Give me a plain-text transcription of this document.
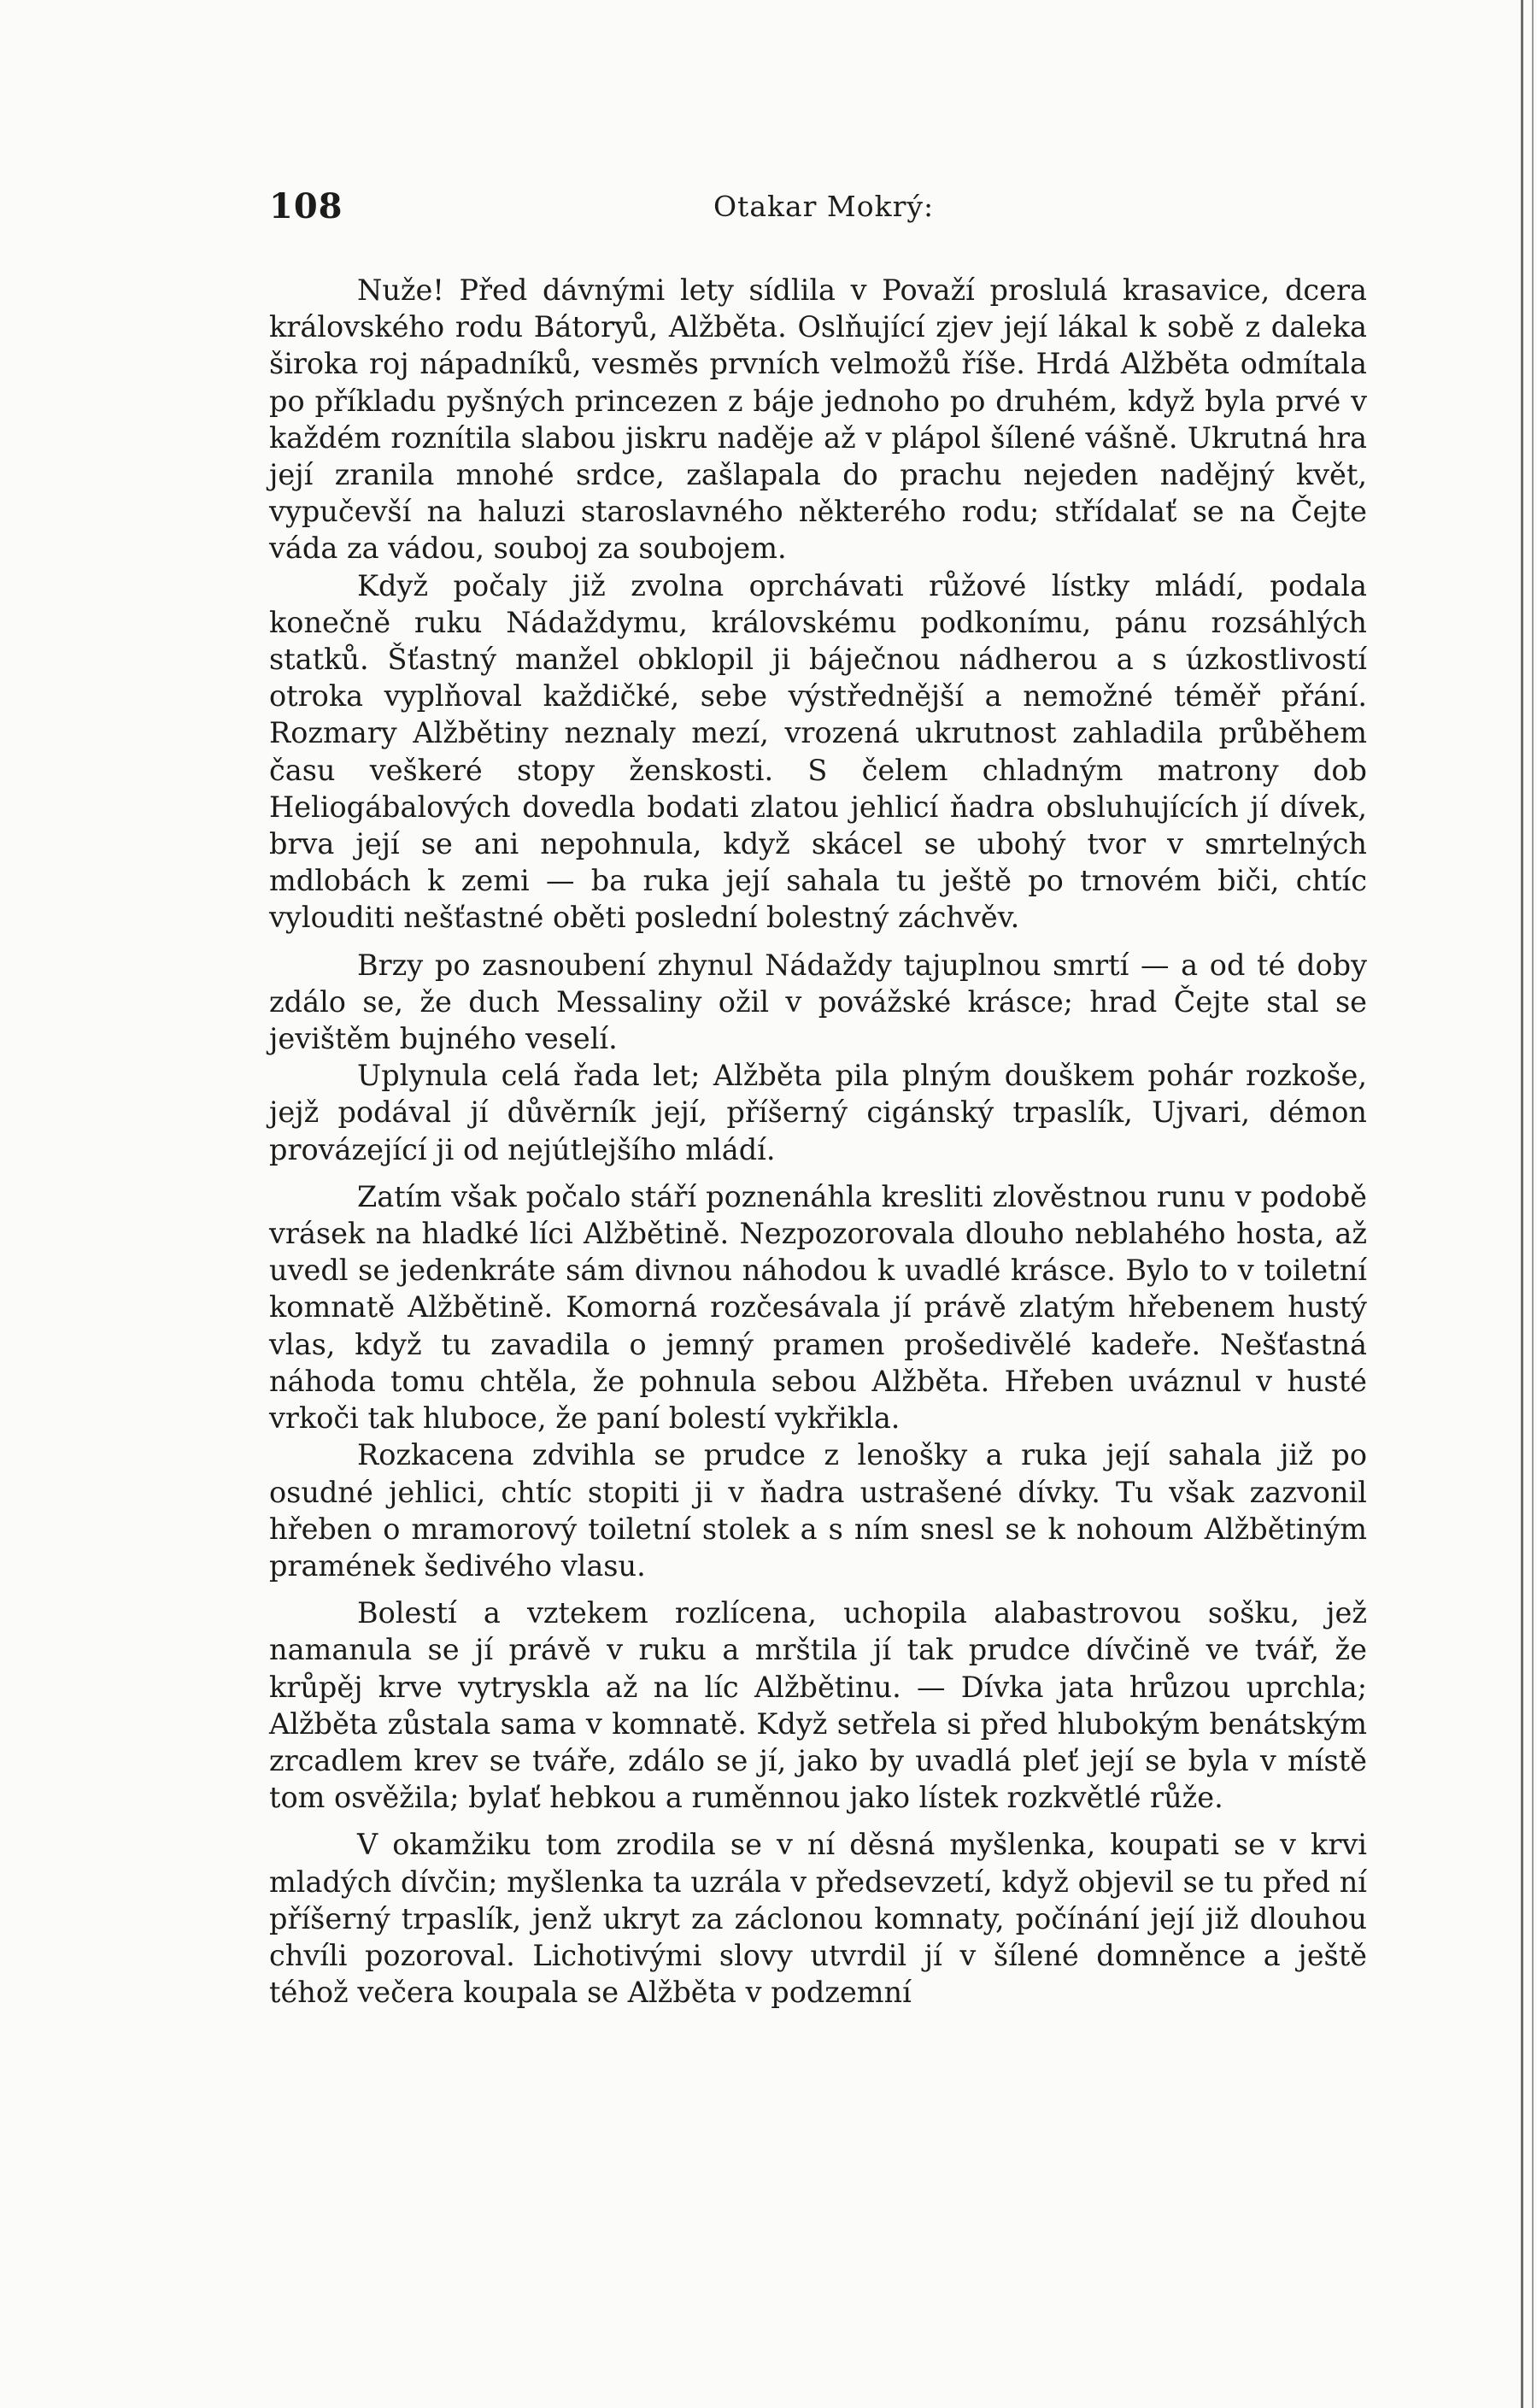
108	Otakar Mokrý:

Nuže! Před dávnými lety sídlila v Považí proslulá krasavice, dcera královského rodu Bátoryů, Alžběta. Oslňující zjev její lákal k sobě z daleka široka roj nápadníků, vesměs prvních velmožů říše. Hrdá Alžběta odmítala po příkladu pyšných princezen z báje jednoho po druhém, když byla prvé v každém roznítila slabou jiskru naděje až v plápol šílené vášně. Ukrutná hra její zranila mnohé srdce, zašlapala do prachu nejeden nadějný květ, vypučevší na haluzi staroslavného některého rodu; střídalať se na Čejte váda za vádou, souboj za soubojem.

Když počaly již zvolna oprchávati růžové lístky mládí, podala konečně ruku Nádaždymu, královskému podkonímu, pánu rozsáhlých statků. Šťastný manžel obklopil ji báječnou nádherou a s úzkostlivostí otroka vyplňoval každičké, sebe výstřednější a nemožné téměř přání. Rozmary Alžbětiny neznaly mezí, vrozená ukrutnost zahladila průběhem času veškeré stopy ženskosti. S čelem chladným matrony dob Heliogábalových dovedla bodati zlatou jehlicí ňadra obsluhujících jí dívek, brva její se ani nepohnula, když skácel se ubohý tvor v smrtelných mdlobách k zemi — ba ruka její sahala tu ještě po trnovém biči, chtíc vylouditi nešťastné oběti poslední bolestný záchvěv.

Brzy po zasnoubení zhynul Nádaždy tajuplnou smrtí — a od té doby zdálo se, že duch Messaliny ožil v povážské krásce; hrad Čejte stal se jevištěm bujného veselí.

Uplynula celá řada let; Alžběta pila plným douškem pohár rozkoše, jejž podával jí důvěrník její, příšerný cigánský trpaslík, Ujvari, démon provázející ji od nejútlejšího mládí.

Zatím však počalo stáří poznenáhla kresliti zlověstnou runu v podobě vrásek na hladké líci Alžbětině. Nezpozorovala dlouho neblahého hosta, až uvedl se jedenkráte sám divnou náhodou k uvadlé krásce. Bylo to v toiletní komnatě Alžbětině. Komorná rozčesávala jí právě zlatým hřebenem hustý vlas, když tu zavadila o jemný pramen prošedivělé kadeře. Nešťastná náhoda tomu chtěla, že pohnula sebou Alžběta. Hřeben uváznul v husté vrkoči tak hluboce, že paní bolestí vykřikla.

Rozkacena zdvihla se prudce z lenošky a ruka její sahala již po osudné jehlici, chtíc stopiti ji v ňadra ustrašené dívky. Tu však zazvonil hřeben o mramorový toiletní stolek a s ním snesl se k nohoum Alžbětiným pramének šedivého vlasu.

Bolestí a vztekem rozlícena, uchopila alabastrovou sošku, jež namanula se jí právě v ruku a mrštila jí tak prudce dívčině ve tvář, že krůpěj krve vytryskla až na líc Alžbětinu. — Dívka jata hrůzou uprchla; Alžběta zůstala sama v komnatě. Když setřela si před hlubokým benátským zrcadlem krev se tváře, zdálo se jí, jako by uvadlá pleť její se byla v místě tom osvěžila; bylať hebkou a ruměnnou jako lístek rozkvětlé růže.

V okamžiku tom zrodila se v ní děsná myšlenka, koupati se v krvi mladých dívčin; myšlenka ta uzrála v předsevzetí, když objevil se tu před ní příšerný trpaslík, jenž ukryt za záclonou komnaty, počínání její již dlouhou chvíli pozoroval. Lichotivými slovy utvrdil jí v šílené domněnce a ještě téhož večera koupala se Alžběta v podzemní
